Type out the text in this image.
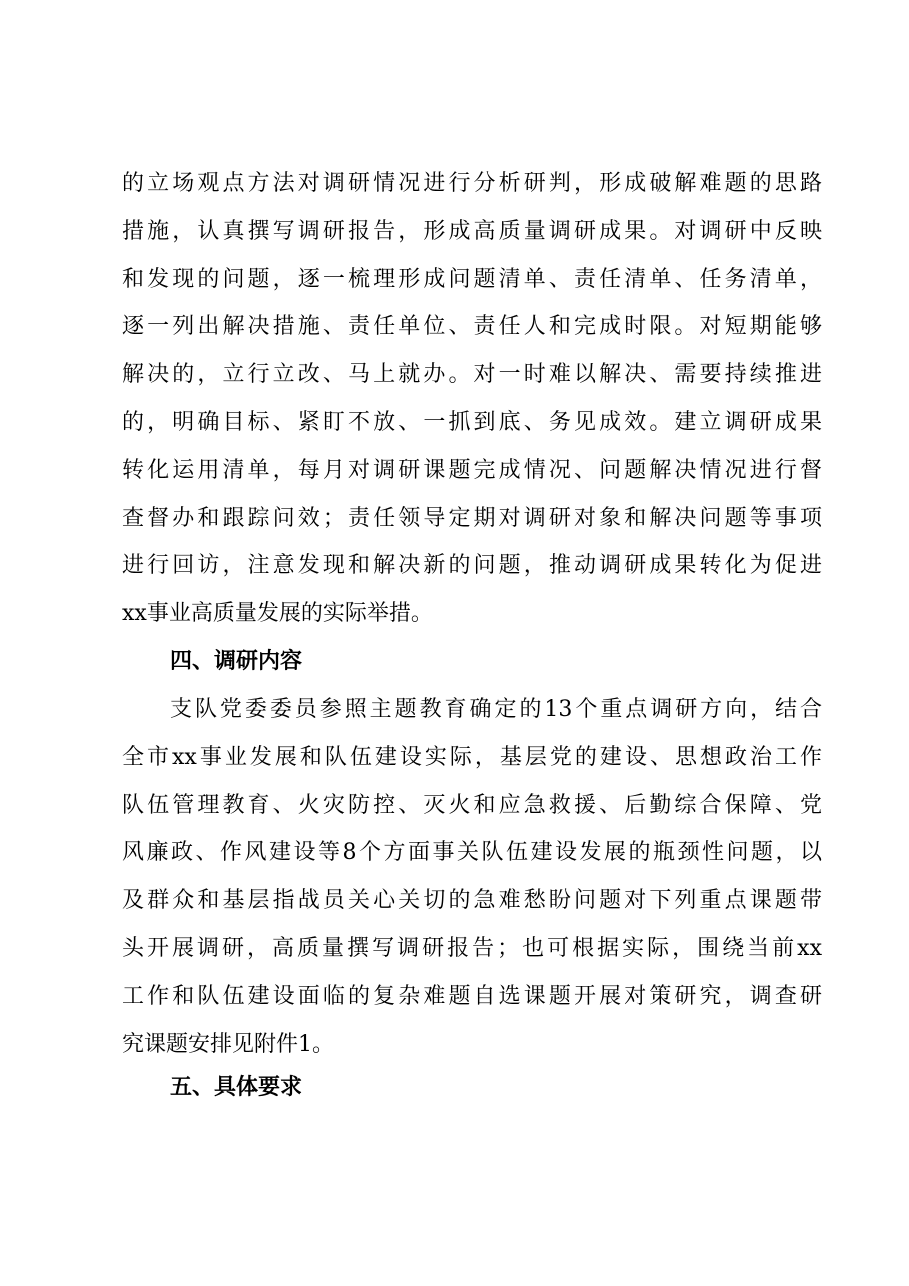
的立场观点方法对调研情况进行分析研判，形成破解难题的思路
措施，认真撰写调研报告，形成高质量调研成果。对调研中反映
和发现的问题，逐一梳理形成问题清单、责任清单、任务清单，
逐一列出解决措施、责任单位、责任人和完成时限。对短期能够
解决的，立行立改、马上就办。对一时难以解决、需要持续推进
的，明确目标、紧盯不放、一抓到底、务见成效。建立调研成果
转化运用清单，每月对调研课题完成情况、问题解决情况进行督
查督办和跟踪问效；责任领导定期对调研对象和解决问题等事项
进行回访，注意发现和解决新的问题，推动调研成果转化为促进
xx事业高质量发展的实际举措。
四、调研内容
支队党委委员参照主题教育确定的13个重点调研方向，结合
全市xx事业发展和队伍建设实际，基层党的建设、思想政治工作
队伍管理教育、火灾防控、灭火和应急救援、后勤综合保障、党
风廉政、作风建设等8个方面事关队伍建设发展的瓶颈性问题，以
及群众和基层指战员关心关切的急难愁盼问题对下列重点课题带
头开展调研，高质量撰写调研报告；也可根据实际，围绕当前xx
工作和队伍建设面临的复杂难题自选课题开展对策研究，调查研
究课题安排见附件1。
五、具体要求
